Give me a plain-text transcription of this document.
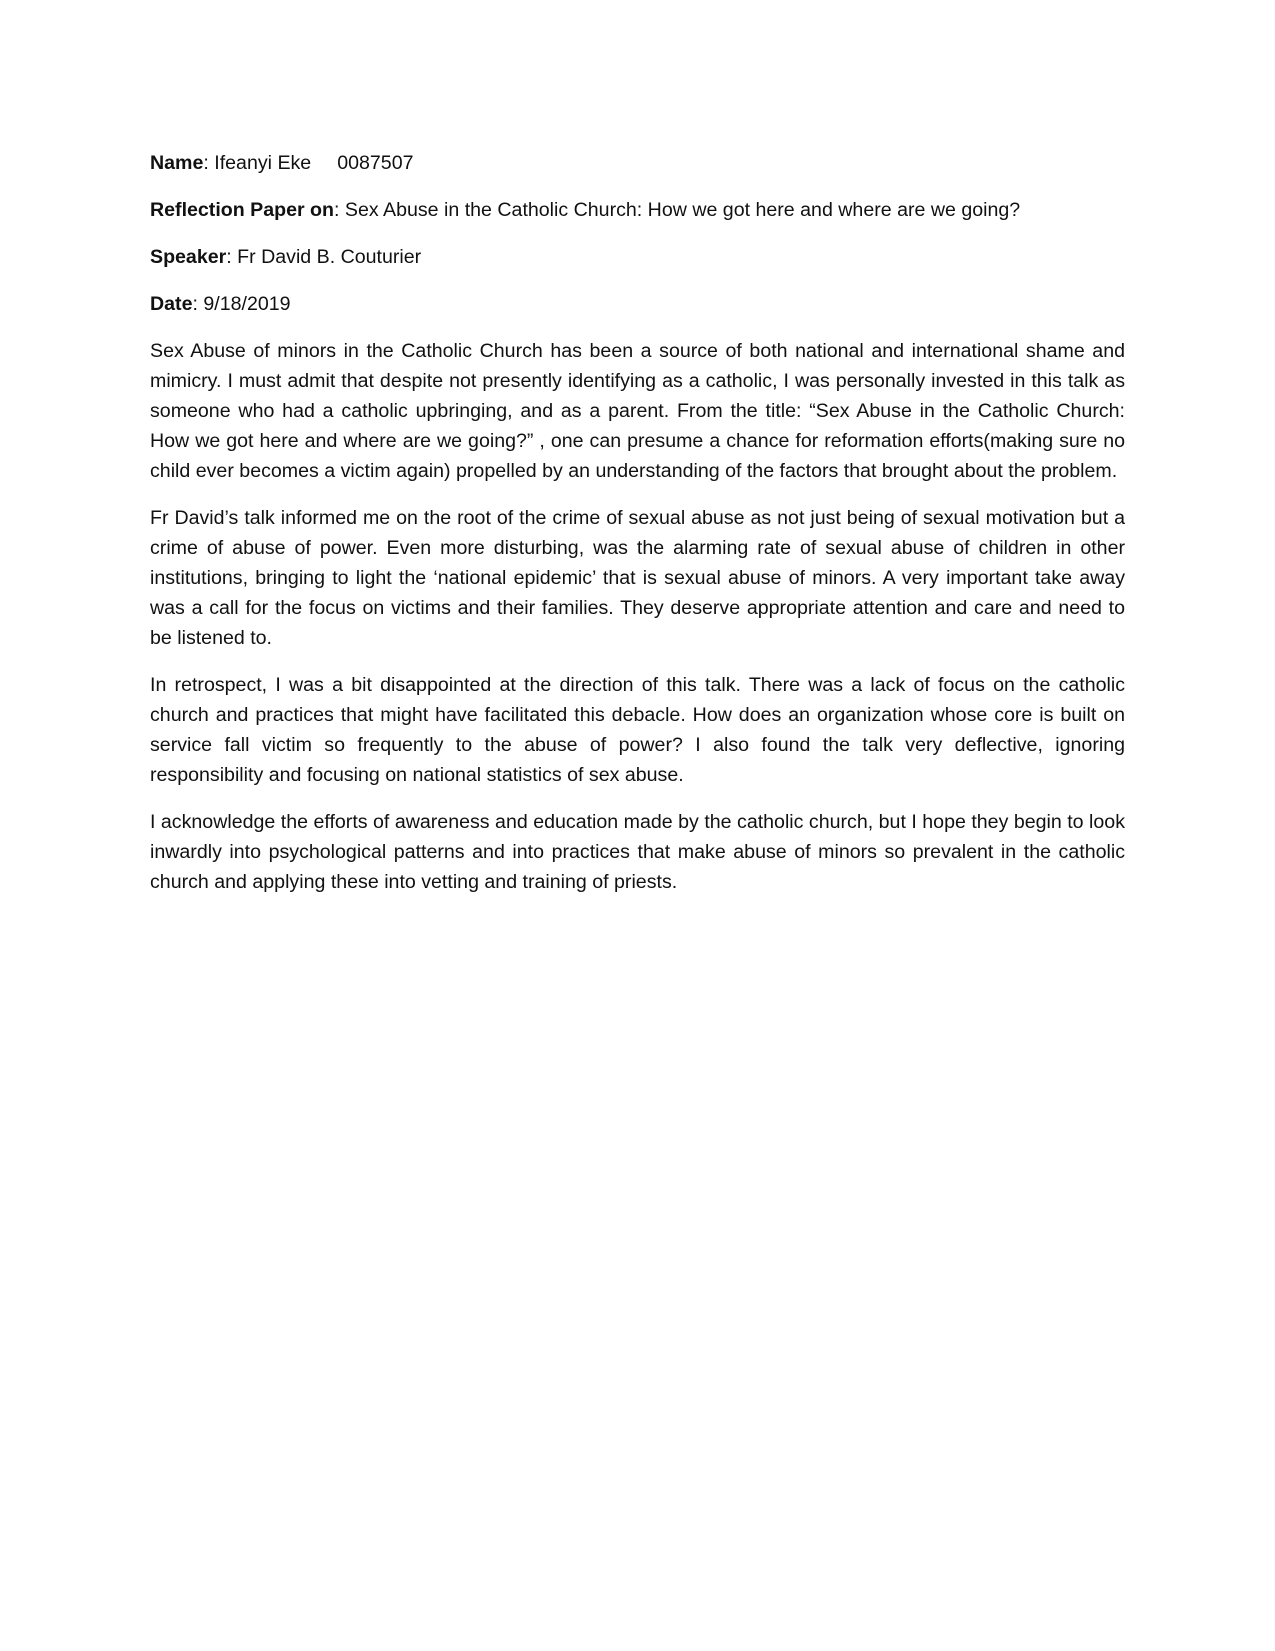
Name: Ifeanyi Eke 0087507

Reflection Paper on: Sex Abuse in the Catholic Church: How we got here and where are we going?

Speaker: Fr David B. Couturier

Date: 9/18/2019

Sex Abuse of minors in the Catholic Church has been a source of both national and international shame and mimicry. I must admit that despite not presently identifying as a catholic, I was personally invested in this talk as someone who had a catholic upbringing, and as a parent. From the title: “Sex Abuse in the Catholic Church: How we got here and where are we going?” , one can presume a chance for reformation efforts(making sure no child ever becomes a victim again) propelled by an understanding of the factors that brought about the problem.

Fr David’s talk informed me on the root of the crime of sexual abuse as not just being of sexual motivation but a crime of abuse of power. Even more disturbing, was the alarming rate of sexual abuse of children in other institutions, bringing to light the ‘national epidemic’ that is sexual abuse of minors. A very important take away was a call for the focus on victims and their families. They deserve appropriate attention and care and need to be listened to.

In retrospect, I was a bit disappointed at the direction of this talk. There was a lack of focus on the catholic church and practices that might have facilitated this debacle. How does an organization whose core is built on service fall victim so frequently to the abuse of power? I also found the talk very deflective, ignoring responsibility and focusing on national statistics of sex abuse.

I acknowledge the efforts of awareness and education made by the catholic church, but I hope they begin to look inwardly into psychological patterns and into practices that make abuse of minors so prevalent in the catholic church and applying these into vetting and training of priests.
